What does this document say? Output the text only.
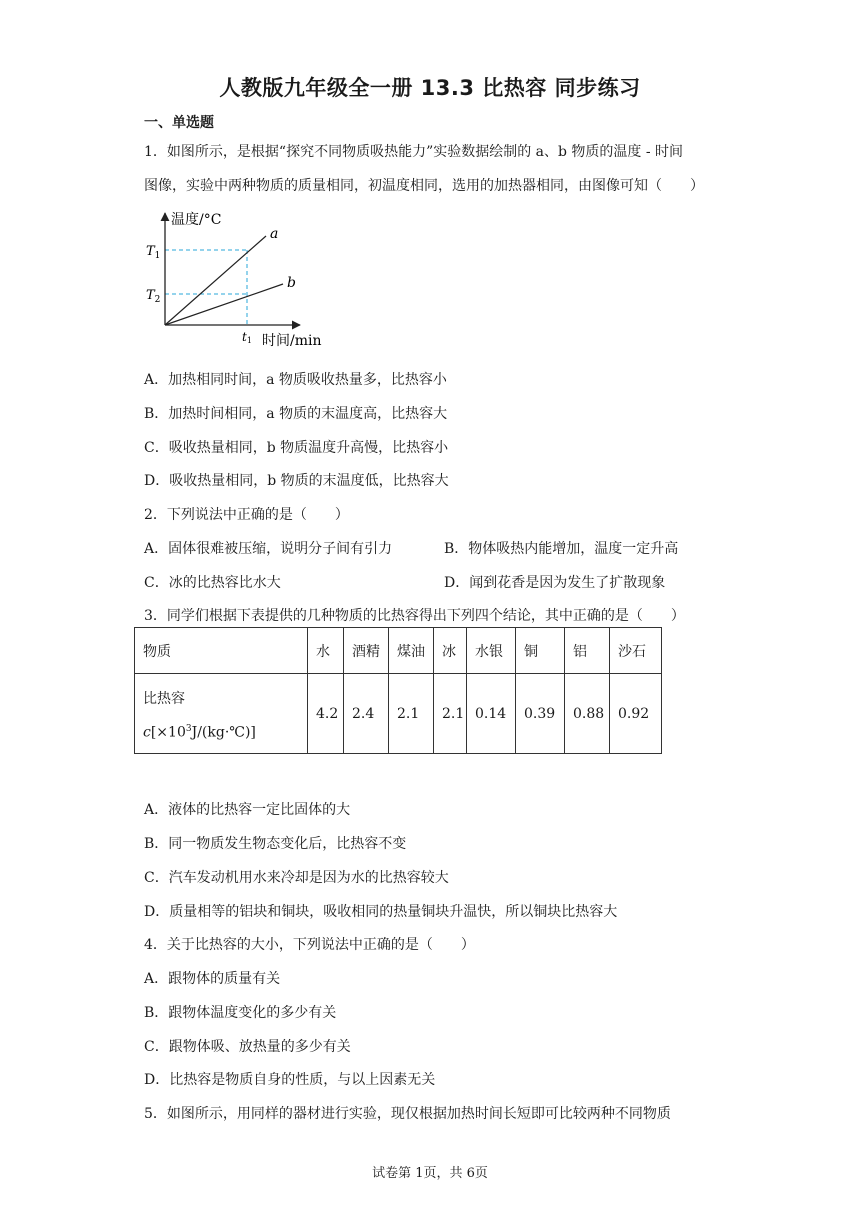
人教版九年级全一册 13.3 比热容 同步练习
一、单选题
1．如图所示，是根据“探究不同物质吸热能力”实验数据绘制的 a、b 物质的温度 - 时间
图像，实验中两种物质的质量相同，初温度相同，选用的加热器相同，由图像可知（　　）
温度/°C
时间/min
a
b
$T_1$
$T_2$
t1
A．加热相同时间，a 物质吸收热量多，比热容小
B．加热时间相同，a 物质的末温度高，比热容大
C．吸收热量相同，b 物质温度升高慢，比热容小
D．吸收热量相同，b 物质的末温度低，比热容大
2．下列说法中正确的是（　　）
A．固体很难被压缩，说明分子间有引力	B．物体吸热内能增加，温度一定升高
C．冰的比热容比水大	D．闻到花香是因为发生了扩散现象
3．同学们根据下表提供的几种物质的比热容得出下列四个结论，其中正确的是（　　）
物质	水	酒精	煤油	冰	水银	铜	铝	沙石

比热容
$c[\times 10^3J/(kg\cdot℃)]$	4.2	2.4	2.1	2.1	0.14	0.39	0.88	0.92
A．液体的比热容一定比固体的大
B．同一物质发生物态变化后，比热容不变
C．汽车发动机用水来冷却是因为水的比热容较大
D．质量相等的铝块和铜块，吸收相同的热量铜块升温快，所以铜块比热容大
4．关于比热容的大小，下列说法中正确的是（　　）
A．跟物体的质量有关
B．跟物体温度变化的多少有关
C．跟物体吸、放热量的多少有关
D．比热容是物质自身的性质，与以上因素无关
5．如图所示，用同样的器材进行实验，现仅根据加热时间长短即可比较两种不同物质
试卷第 1页，共 6页
